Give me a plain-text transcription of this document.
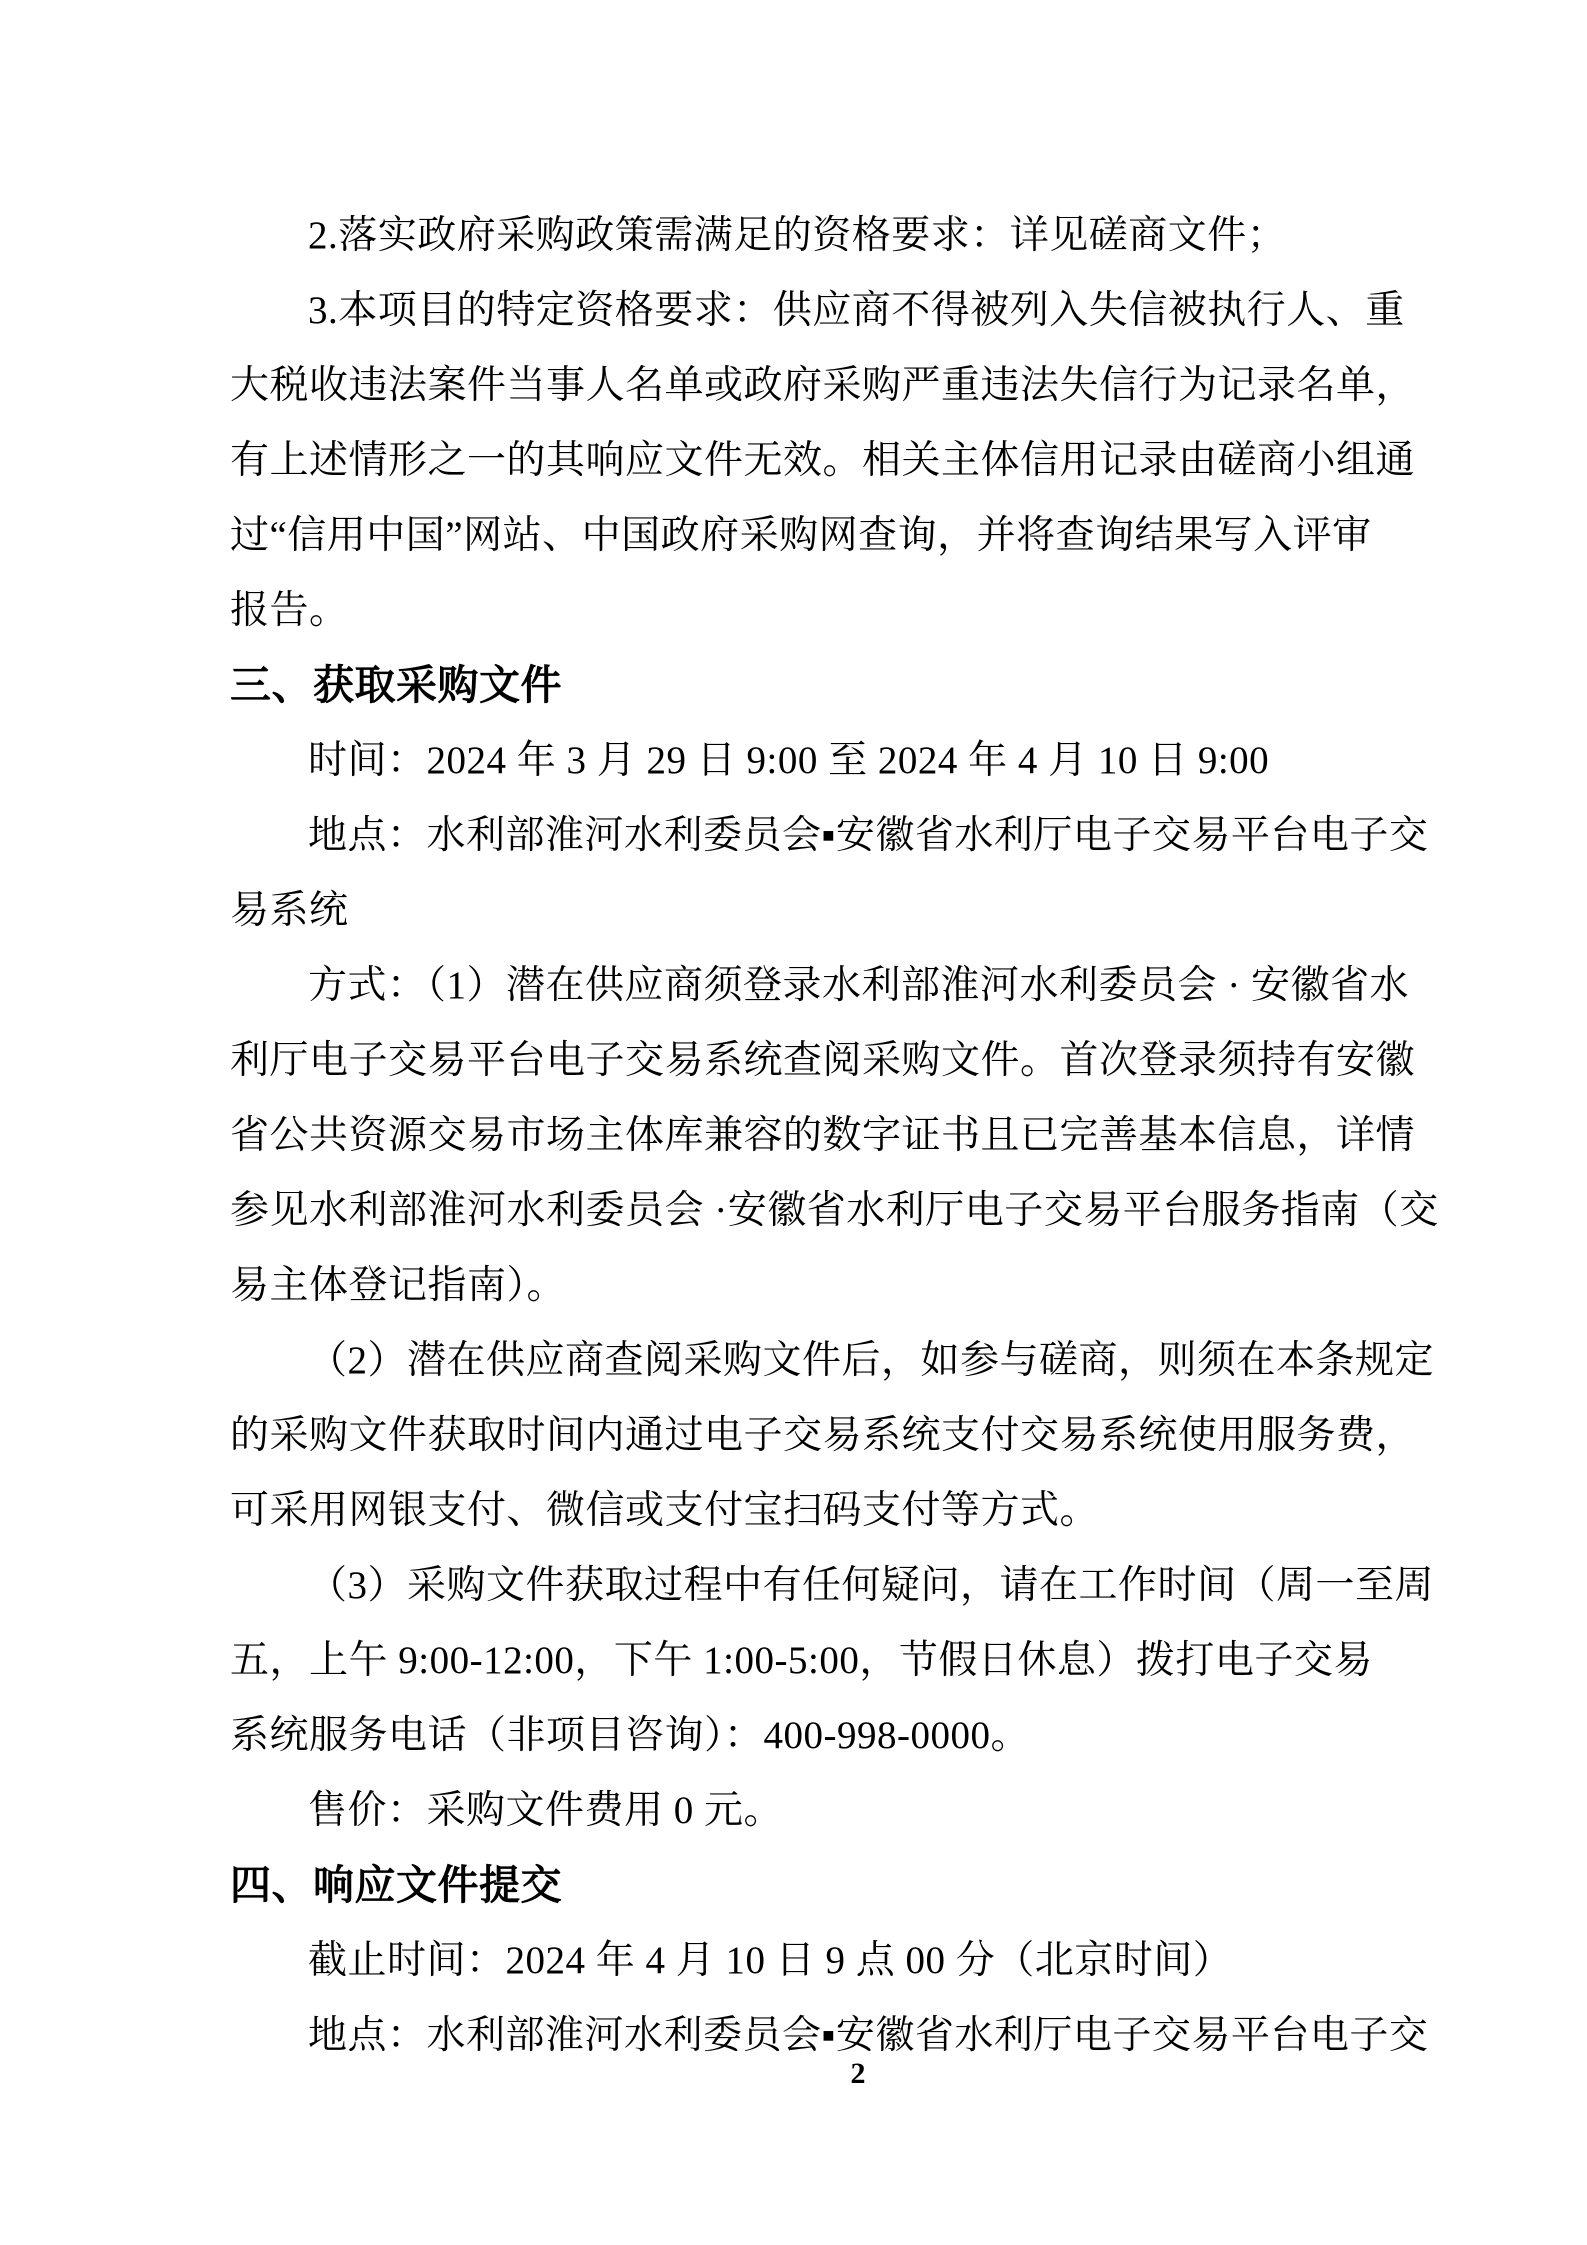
2.落实政府采购政策需满足的资格要求：详见磋商文件；
3.本项目的特定资格要求：供应商不得被列入失信被执行人、重
大税收违法案件当事人名单或政府采购严重违法失信行为记录名单，
有上述情形之一的其响应文件无效。相关主体信用记录由磋商小组通
过“信用中国”网站、中国政府采购网查询，并将查询结果写入评审
报告。
三、获取采购文件
时间：2024 年 3 月 29 日 9:00 至 2024 年 4 月 10 日 9:00
地点：水利部淮河水利委员会▪安徽省水利厅电子交易平台电子交
易系统
方式：（1）潜在供应商须登录水利部淮河水利委员会 · 安徽省水
利厅电子交易平台电子交易系统查阅采购文件。首次登录须持有安徽
省公共资源交易市场主体库兼容的数字证书且已完善基本信息，详情
参见水利部淮河水利委员会 ·安徽省水利厅电子交易平台服务指南（交
易主体登记指南）。
（2）潜在供应商查阅采购文件后，如参与磋商，则须在本条规定
的采购文件获取时间内通过电子交易系统支付交易系统使用服务费，
可采用网银支付、微信或支付宝扫码支付等方式。
（3）采购文件获取过程中有任何疑问，请在工作时间（周一至周
五，上午 9:00-12:00，下午 1:00-5:00，节假日休息）拨打电子交易
系统服务电话（非项目咨询）：400-998-0000。
售价：采购文件费用 0 元。
四、响应文件提交
截止时间：2024 年 4 月 10 日 9 点 00 分（北京时间）
地点：水利部淮河水利委员会▪安徽省水利厅电子交易平台电子交
2
